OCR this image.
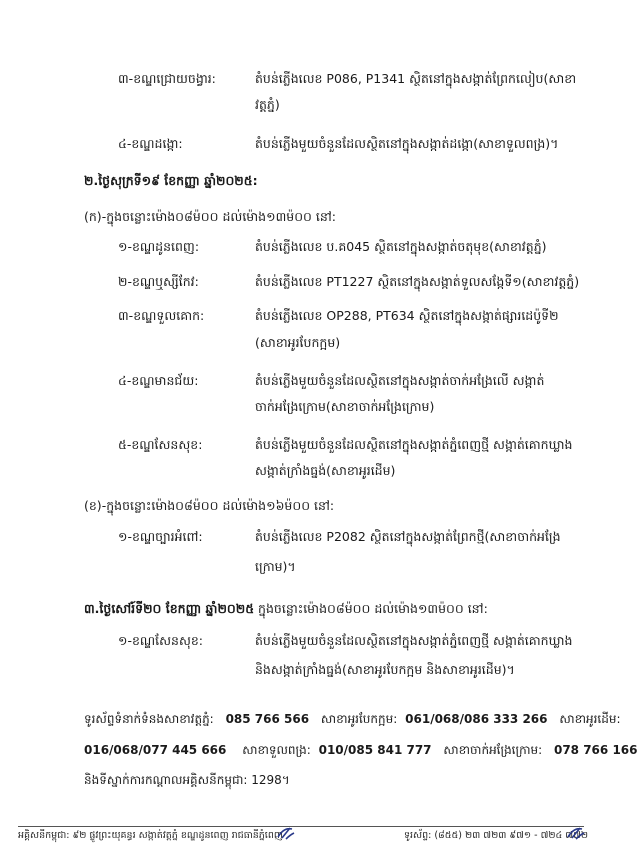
៣-ខណ្ឌជ្រោយចង្វារ:	តំបន់ភ្លើងលេខ P086, P1341 ស្ថិតនៅក្នុងសង្កាត់ព្រែកលៀប(សាខា
វត្តភ្នំ)
៤-ខណ្ឌដង្កោ:	តំបន់ភ្លើងមួយចំនួនដែលស្ថិតនៅក្នុងសង្កាត់ដង្កោ(សាខាទួលពង្រ)។
២.ថ្ងៃសុក្រទី១៩ ខែកញ្ញា ឆ្នាំ២០២៥:
(ក)-ក្នុងចន្លោះម៉ោង០៨ម៉០០ ដល់ម៉ោង១៣ម៉០០ នៅ:
១-ខណ្ឌដូនពេញ:	តំបន់ភ្លើងលេខ ប.គ045 ស្ថិតនៅក្នុងសង្កាត់ចតុមុខ(សាខាវត្តភ្នំ)
២-ខណ្ឌឬស្សីកែវ:	តំបន់ភ្លើងលេខ PT1227 ស្ថិតនៅក្នុងសង្កាត់ទួលសង្កែទី១(សាខាវត្តភ្នំ)
៣-ខណ្ឌទួលគោក:	តំបន់ភ្លើងលេខ OP288, PT634 ស្ថិតនៅក្នុងសង្កាត់ផ្សារដេប៉ូទី២
(សាខាអូរបែកក្អម)
៤-ខណ្ឌមានជ័យ:	តំបន់ភ្លើងមួយចំនួនដែលស្ថិតនៅក្នុងសង្កាត់ចាក់អង្រែលើ សង្កាត់
ចាក់អង្រែក្រោម(សាខាចាក់អង្រែក្រោម)
៥-ខណ្ឌសែនសុខ:	តំបន់ភ្លើងមួយចំនួនដែលស្ថិតនៅក្នុងសង្កាត់ភ្នំពេញថ្មី សង្កាត់គោកឃ្លាង
សង្កាត់ក្រាំងធ្នង់(សាខាអូរដើម)
(ខ)-ក្នុងចន្លោះម៉ោង០៨ម៉០០ ដល់ម៉ោង១៦ម៉០០ នៅ:
១-ខណ្ឌច្បារអំពៅ:	តំបន់ភ្លើងលេខ P2082 ស្ថិតនៅក្នុងសង្កាត់ព្រែកថ្មី(សាខាចាក់អង្រែ
ក្រោម)។
៣.ថ្ងៃសៅរ៍ទី២០ ខែកញ្ញា ឆ្នាំ២០២៥ ក្នុងចន្លោះម៉ោង០៨ម៉០០ ដល់ម៉ោង១៣ម៉០០ នៅ:
១-ខណ្ឌសែនសុខ:	តំបន់ភ្លើងមួយចំនួនដែលស្ថិតនៅក្នុងសង្កាត់ភ្នំពេញថ្មី សង្កាត់គោកឃ្លាង
និងសង្កាត់ក្រាំងធ្នង់(សាខាអូរបែកក្អម និងសាខាអូរដើម)។
ទូរស័ព្ទទំនាក់ទំនងសាខាវត្តភ្នំ: 085 766 566 សាខាអូរបែកក្អម: 061/068/086 333 266 សាខាអូរដើម:
016/068/077 445 666 សាខាទួលពង្រ: 010/085 841 777 សាខាចាក់អង្រែក្រោម: 078 766 166
និងទីស្នាក់ការកណ្តាលអគ្គិសនីកម្ពុជា: 1298។
អគ្គិសនីកម្ពុជា: ៩២ ផ្លូវព្រះយុគន្ធរ សង្កាត់វត្តភ្នំ ខណ្ឌដូនពេញ រាជធានីភ្នំពេញ	ទូរស័ព្ទ: (៨៥៥) ២៣ ៧២៣ ៩៧១ - ៧២៤ ៧៧២
